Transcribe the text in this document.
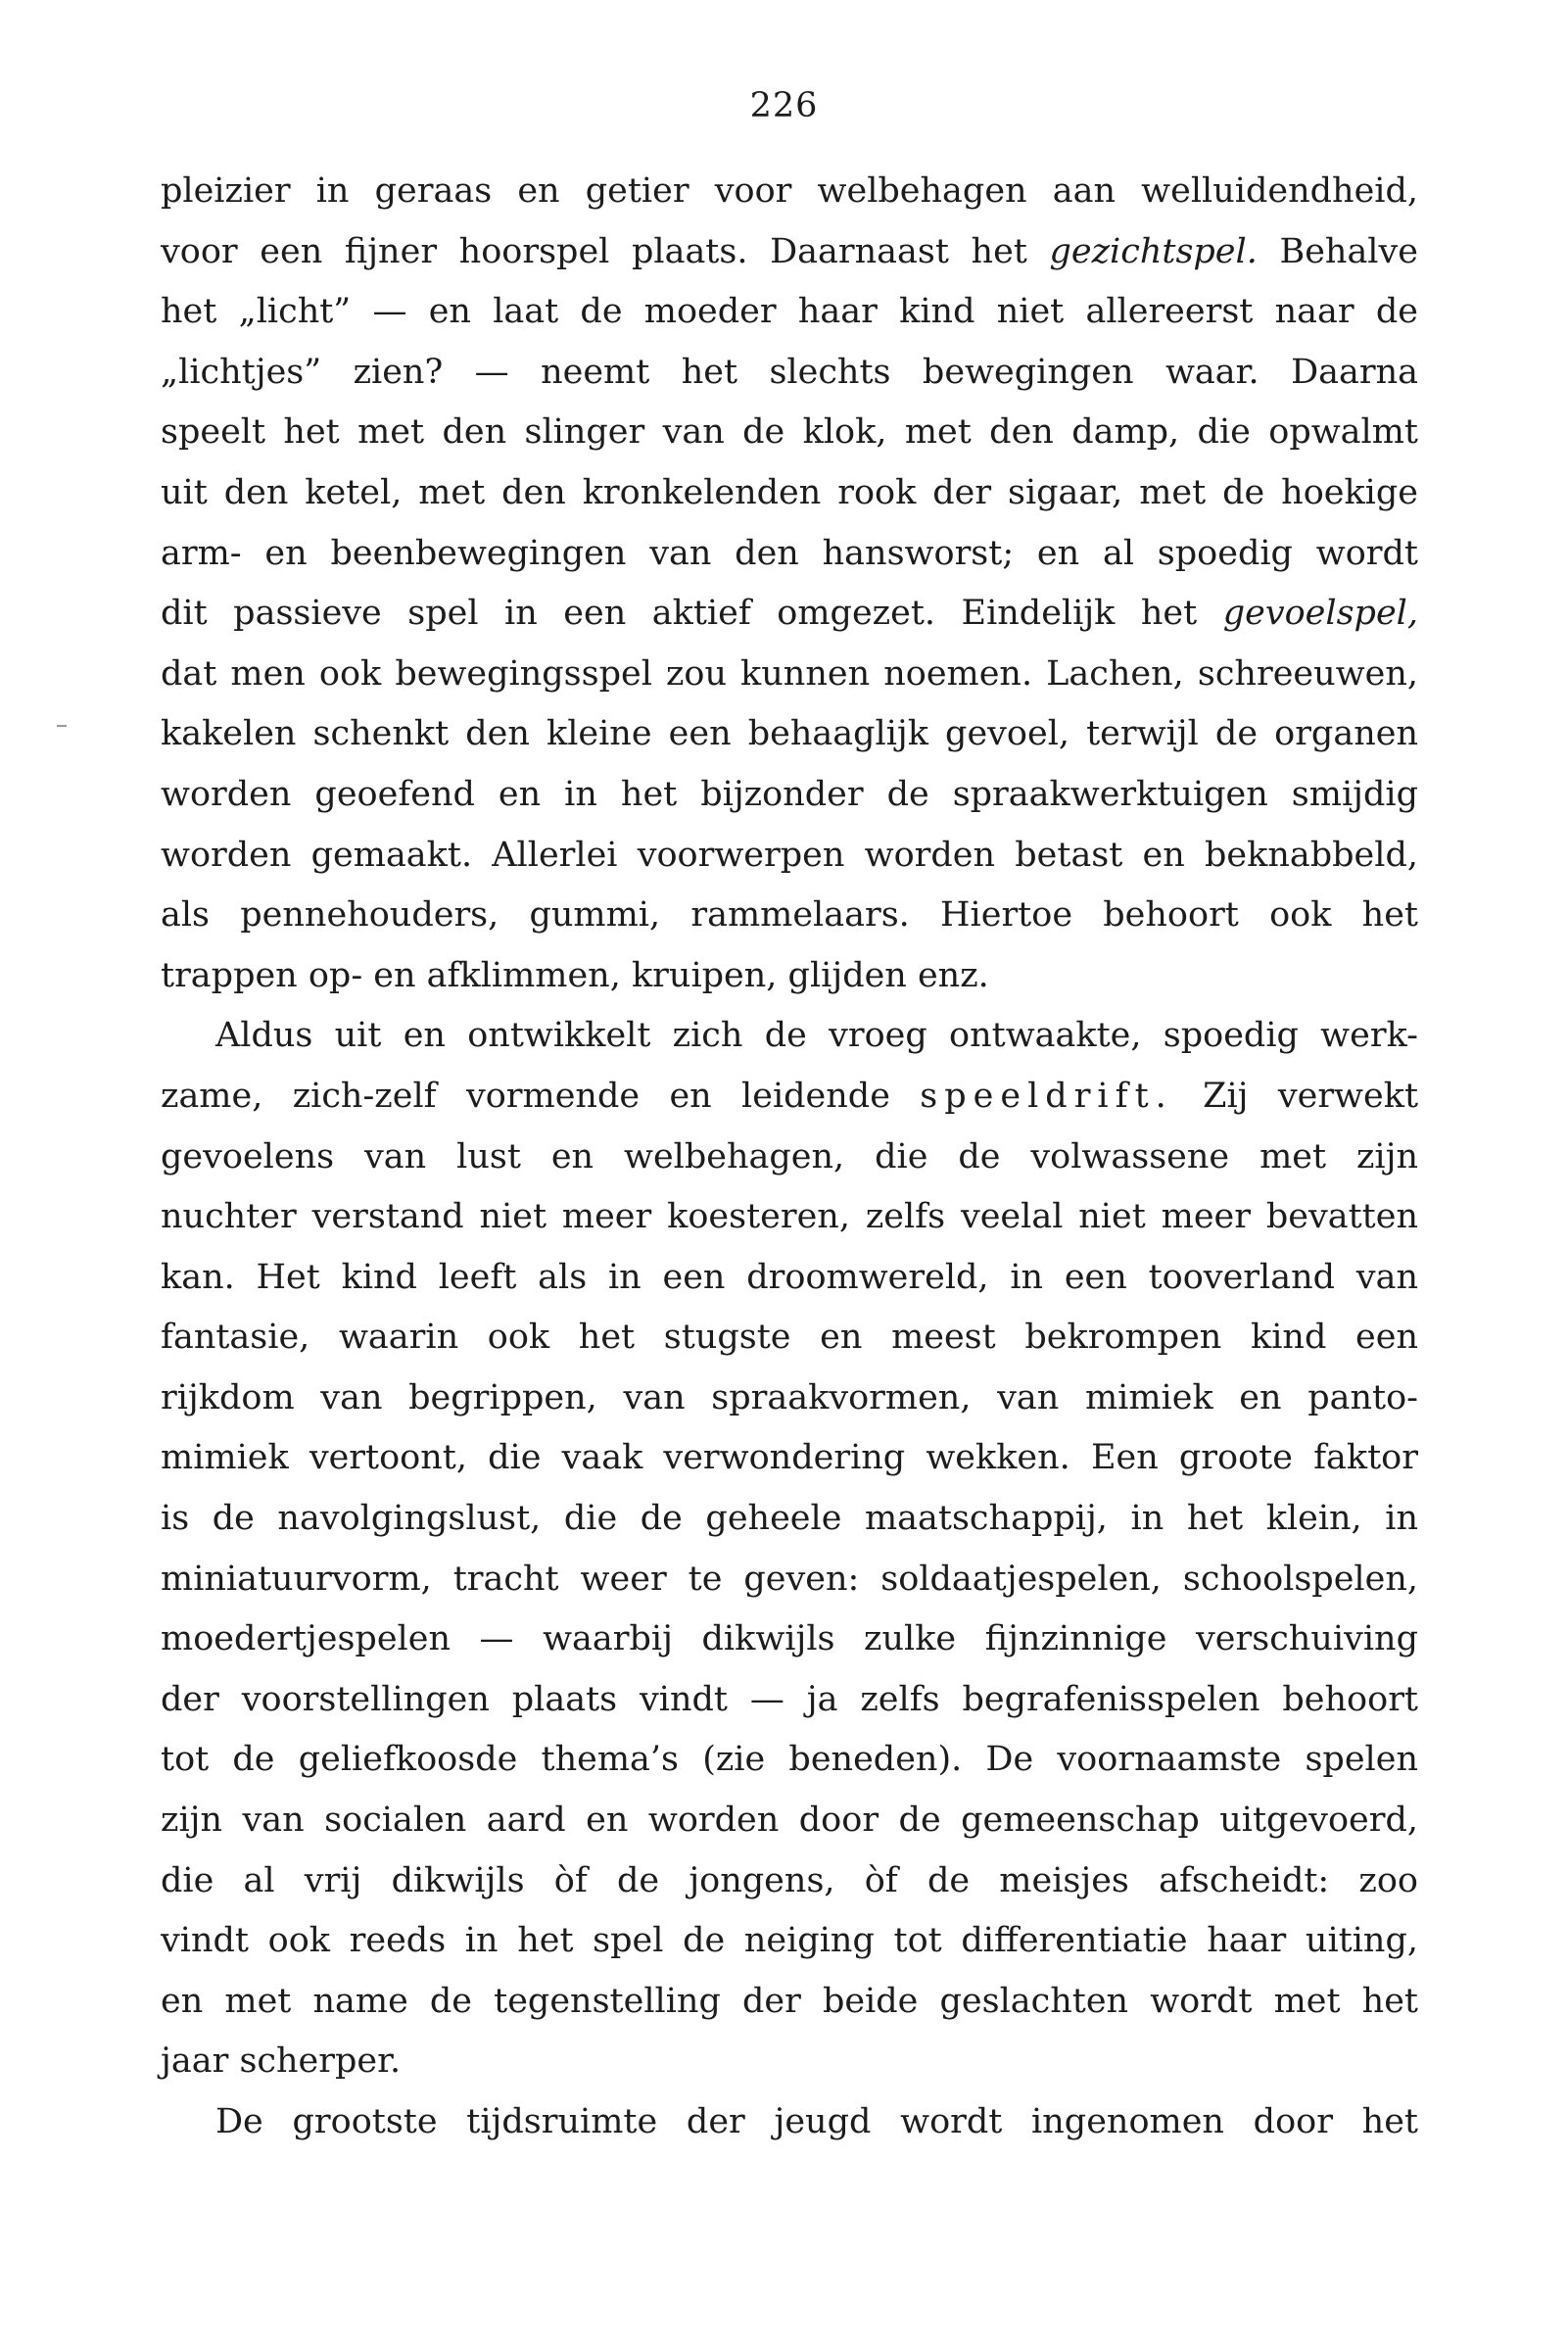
226
pleizier in geraas en getier voor welbehagen aan welluidendheid,
voor een fijner hoorspel plaats. Daarnaast het gezichtspel. Behalve
het „licht” — en laat de moeder haar kind niet allereerst naar de
„lichtjes” zien? — neemt het slechts bewegingen waar. Daarna
speelt het met den slinger van de klok, met den damp, die opwalmt
uit den ketel, met den kronkelenden rook der sigaar, met de hoekige
arm- en beenbewegingen van den hansworst; en al spoedig wordt
dit passieve spel in een aktief omgezet. Eindelijk het gevoelspel,
dat men ook bewegingsspel zou kunnen noemen. Lachen, schreeuwen,
kakelen schenkt den kleine een behaaglijk gevoel, terwijl de organen
worden geoefend en in het bijzonder de spraakwerktuigen smijdig
worden gemaakt. Allerlei voorwerpen worden betast en beknabbeld,
als pennehouders, gummi, rammelaars. Hiertoe behoort ook het
trappen op- en afklimmen, kruipen, glijden enz.
Aldus uit en ontwikkelt zich de vroeg ontwaakte, spoedig werk-
zame, zich-zelf vormende en leidende speeldrift. Zij verwekt
gevoelens van lust en welbehagen, die de volwassene met zijn
nuchter verstand niet meer koesteren, zelfs veelal niet meer bevatten
kan. Het kind leeft als in een droomwereld, in een tooverland van
fantasie, waarin ook het stugste en meest bekrompen kind een
rijkdom van begrippen, van spraakvormen, van mimiek en panto-
mimiek vertoont, die vaak verwondering wekken. Een groote faktor
is de navolgingslust, die de geheele maatschappij, in het klein, in
miniatuurvorm, tracht weer te geven: soldaatjespelen, schoolspelen,
moedertjespelen — waarbij dikwijls zulke fijnzinnige verschuiving
der voorstellingen plaats vindt — ja zelfs begrafenisspelen behoort
tot de geliefkoosde thema’s (zie beneden). De voornaamste spelen
zijn van socialen aard en worden door de gemeenschap uitgevoerd,
die al vrij dikwijls òf de jongens, òf de meisjes afscheidt: zoo
vindt ook reeds in het spel de neiging tot differentiatie haar uiting,
en met name de tegenstelling der beide geslachten wordt met het
jaar scherper.
De grootste tijdsruimte der jeugd wordt ingenomen door het
